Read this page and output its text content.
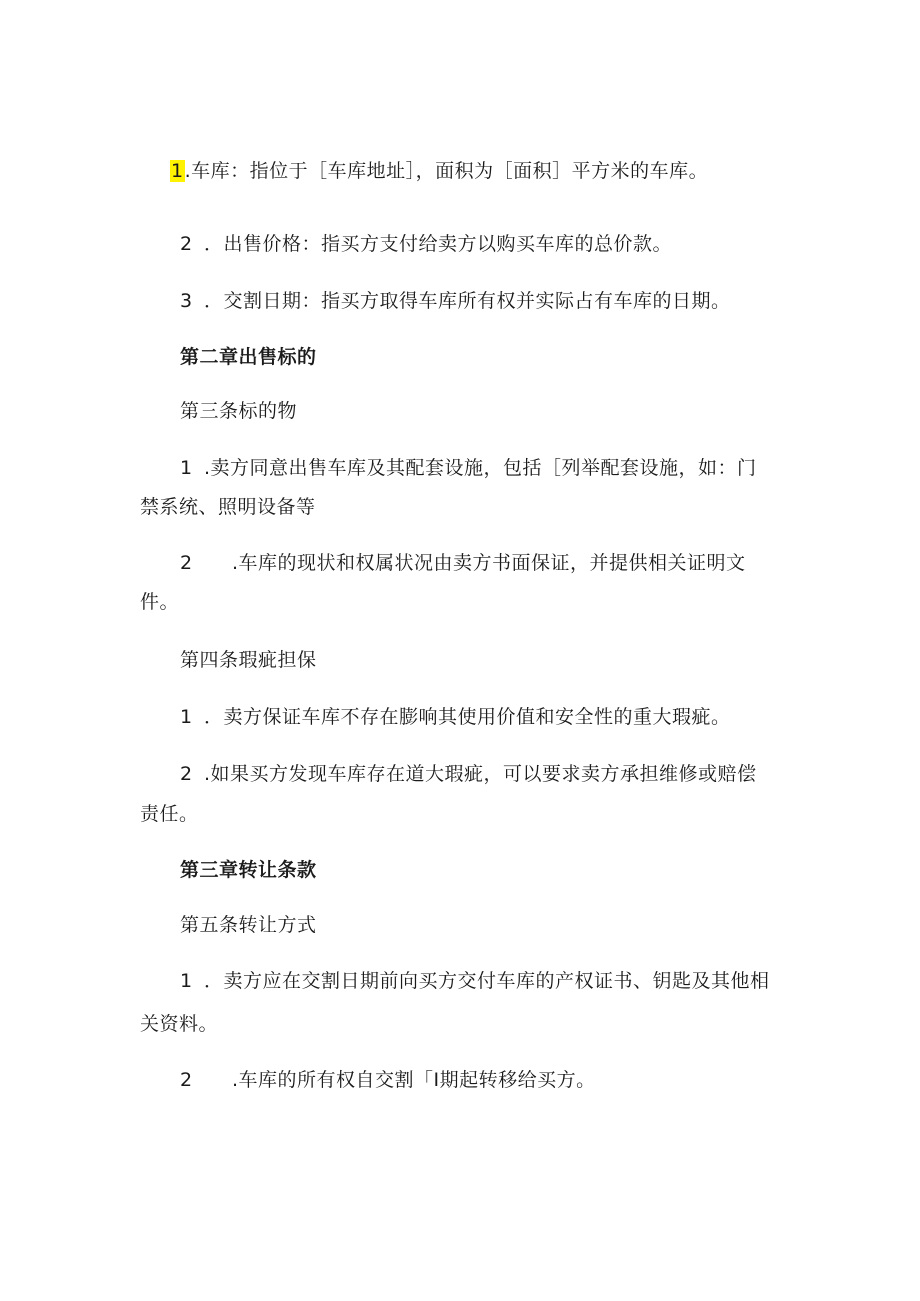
1.车库：指位于［车库地址］，面积为［面积］平方米的车库。
2 ．出售价格：指买方支付给卖方以购买车库的总价款。
3 ．交割日期：指买方取得车库所有权并实际占有车库的日期。
第二章出售标的
第三条标的物
1 .卖方同意出售车库及其配套设施，包括［列举配套设施，如：门
禁系统、照明设备等
2 .车库的现状和权属状况由卖方书面保证，并提供相关证明文
件。
第四条瑕疵担保
1 ．卖方保证车库不存在膨响其使用价值和安全性的重大瑕疵。
2 .如果买方发现车库存在道大瑕疵，可以要求卖方承担维修或赔偿
责任。
第三章转让条款
第五条转让方式
1 ．卖方应在交割日期前向买方交付车库的产权证书、钥匙及其他相
关资料。
2 .车库的所有权自交割「I期起转移给买方。
